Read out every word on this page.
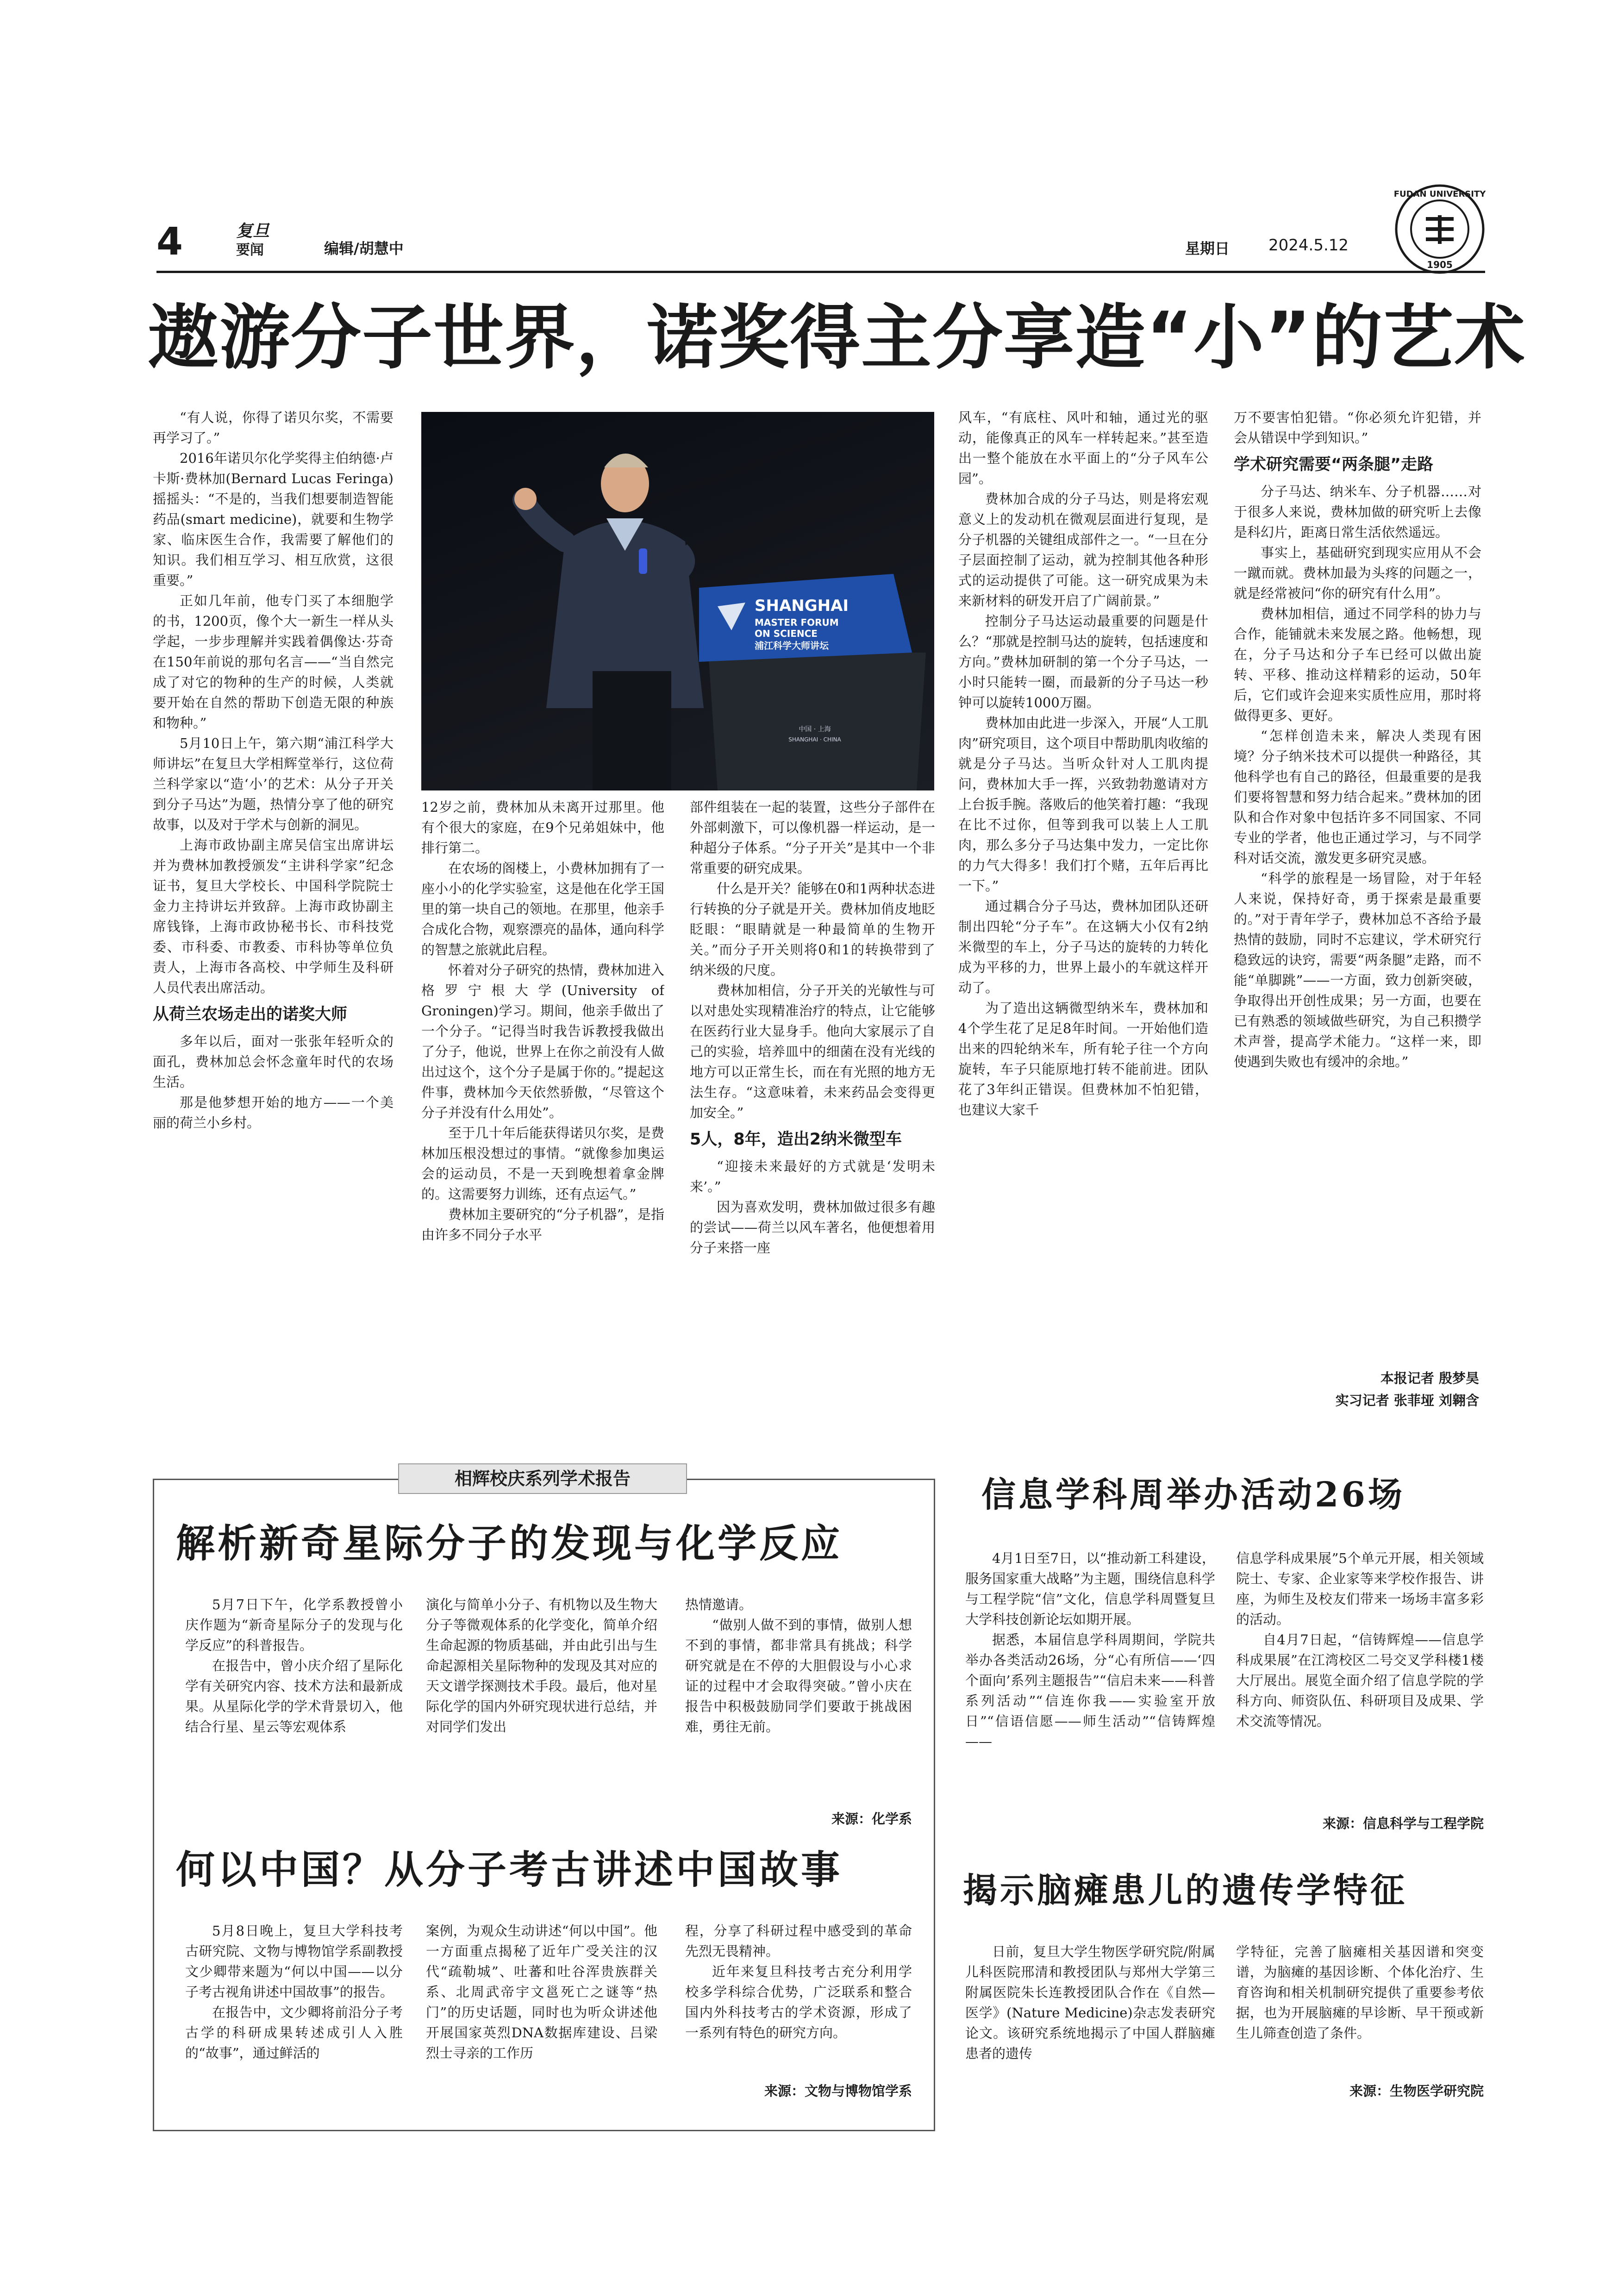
4	复旦
要闻	编辑/胡慧中	星期日 2024.5.12
FUDAN UNIVERSITY
1905
遨游分子世界，诺奖得主分享造“小”的艺术

“有人说，你得了诺贝尔奖，不需要再学习了。”

2016年诺贝尔化学奖得主伯纳德·卢卡斯·费林加(Bernard Lucas Feringa)摇摇头：“不是的，当我们想要制造智能药品(smart medicine)，就要和生物学家、临床医生合作，我需要了解他们的知识。我们相互学习、相互欣赏，这很重要。”

正如几年前，他专门买了本细胞学的书，1200页，像个大一新生一样从头学起，一步步理解并实践着偶像达·芬奇在150年前说的那句名言——“当自然完成了对它的物种的生产的时候，人类就要开始在自然的帮助下创造无限的种族和物种。”

5月10日上午，第六期“浦江科学大师讲坛”在复旦大学相辉堂举行，这位荷兰科学家以“造‘小’的艺术：从分子开关到分子马达”为题，热情分享了他的研究故事，以及对于学术与创新的洞见。

上海市政协副主席吴信宝出席讲坛并为费林加教授颁发“主讲科学家”纪念证书，复旦大学校长、中国科学院院士金力主持讲坛并致辞。上海市政协副主席钱锋，上海市政协秘书长、市科技党委、市科委、市教委、市科协等单位负责人，上海市各高校、中学师生及科研人员代表出席活动。

从荷兰农场走出的诺奖大师

多年以后，面对一张张年轻听众的面孔，费林加总会怀念童年时代的农场生活。

那是他梦想开始的地方——一个美丽的荷兰小乡村。

SHANGHAI
MASTER FORUM
ON SCIENCE
浦江科学大师讲坛
中国 · 上海
SHANGHAI · CHINA

12岁之前，费林加从未离开过那里。他有个很大的家庭，在9个兄弟姐妹中，他排行第二。

在农场的阁楼上，小费林加拥有了一座小小的化学实验室，这是他在化学王国里的第一块自己的领地。在那里，他亲手合成化合物，观察漂亮的晶体，通向科学的智慧之旅就此启程。

怀着对分子研究的热情，费林加进入格罗宁根大学(University of Groningen)学习。期间，他亲手做出了一个分子。“记得当时我告诉教授我做出了分子，他说，世界上在你之前没有人做出过这个，这个分子是属于你的。”提起这件事，费林加今天依然骄傲，“尽管这个分子并没有什么用处”。

至于几十年后能获得诺贝尔奖，是费林加压根没想过的事情。“就像参加奥运会的运动员，不是一天到晚想着拿金牌的。这需要努力训练，还有点运气。”

费林加主要研究的“分子机器”，是指由许多不同分子水平

部件组装在一起的装置，这些分子部件在外部刺激下，可以像机器一样运动，是一种超分子体系。“分子开关”是其中一个非常重要的研究成果。

什么是开关？能够在0和1两种状态进行转换的分子就是开关。费林加俏皮地眨眨眼：“眼睛就是一种最简单的生物开关。”而分子开关则将0和1的转换带到了纳米级的尺度。

费林加相信，分子开关的光敏性与可以对患处实现精准治疗的特点，让它能够在医药行业大显身手。他向大家展示了自己的实验，培养皿中的细菌在没有光线的地方可以正常生长，而在有光照的地方无法生存。“这意味着，未来药品会变得更加安全。”

5人，8年，造出2纳米微型车

“迎接未来最好的方式就是‘发明未来’。”

因为喜欢发明，费林加做过很多有趣的尝试——荷兰以风车著名，他便想着用分子来搭一座

风车，“有底柱、风叶和轴，通过光的驱动，能像真正的风车一样转起来。”甚至造出一整个能放在水平面上的“分子风车公园”。

费林加合成的分子马达，则是将宏观意义上的发动机在微观层面进行复现，是分子机器的关键组成部件之一。“一旦在分子层面控制了运动，就为控制其他各种形式的运动提供了可能。这一研究成果为未来新材料的研发开启了广阔前景。”

控制分子马达运动最重要的问题是什么？“那就是控制马达的旋转，包括速度和方向。”费林加研制的第一个分子马达，一小时只能转一圈，而最新的分子马达一秒钟可以旋转1000万圈。

费林加由此进一步深入，开展“人工肌肉”研究项目，这个项目中帮助肌肉收缩的就是分子马达。当听众针对人工肌肉提问，费林加大手一挥，兴致勃勃邀请对方上台扳手腕。落败后的他笑着打趣：“我现在比不过你，但等到我可以装上人工肌肉，那么多分子马达集中发力，一定比你的力气大得多！我们打个赌，五年后再比一下。”

通过耦合分子马达，费林加团队还研制出四轮“分子车”。在这辆大小仅有2纳米微型的车上，分子马达的旋转的力转化成为平移的力，世界上最小的车就这样开动了。

为了造出这辆微型纳米车，费林加和4个学生花了足足8年时间。一开始他们造出来的四轮纳米车，所有轮子往一个方向旋转，车子只能原地打转不能前进。团队花了3年纠正错误。但费林加不怕犯错，也建议大家千

万不要害怕犯错。“你必须允许犯错，并会从错误中学到知识。”

学术研究需要“两条腿”走路

分子马达、纳米车、分子机器……对于很多人来说，费林加做的研究听上去像是科幻片，距离日常生活依然遥远。

事实上，基础研究到现实应用从不会一蹴而就。费林加最为头疼的问题之一，就是经常被问“你的研究有什么用”。

费林加相信，通过不同学科的协力与合作，能铺就未来发展之路。他畅想，现在，分子马达和分子车已经可以做出旋转、平移、推动这样精彩的运动，50年后，它们或许会迎来实质性应用，那时将做得更多、更好。

“怎样创造未来，解决人类现有困境？分子纳米技术可以提供一种路径，其他科学也有自己的路径，但最重要的是我们要将智慧和努力结合起来。”费林加的团队和合作对象中包括许多不同国家、不同专业的学者，他也正通过学习，与不同学科对话交流，激发更多研究灵感。

“科学的旅程是一场冒险，对于年轻人来说，保持好奇，勇于探索是最重要的。”对于青年学子，费林加总不吝给予最热情的鼓励，同时不忘建议，学术研究行稳致远的诀窍，需要“两条腿”走路，而不能“单脚跳”——一方面，致力创新突破，争取得出开创性成果；另一方面，也要在已有熟悉的领域做些研究，为自己积攒学术声誉，提高学术能力。“这样一来，即使遇到失败也有缓冲的余地。”

本报记者 殷梦昊
实习记者 张菲垭 刘翱含
相辉校庆系列学术报告
解析新奇星际分子的发现与化学反应

5月7日下午，化学系教授曾小庆作题为“新奇星际分子的发现与化学反应”的科普报告。

在报告中，曾小庆介绍了星际化学有关研究内容、技术方法和最新成果。从星际化学的学术背景切入，他结合行星、星云等宏观体系

演化与简单小分子、有机物以及生物大分子等微观体系的化学变化，简单介绍生命起源的物质基础，并由此引出与生命起源相关星际物种的发现及其对应的天文谱学探测技术手段。最后，他对星际化学的国内外研究现状进行总结，并对同学们发出

热情邀请。

“做别人做不到的事情，做别人想不到的事情，都非常具有挑战；科学研究就是在不停的大胆假设与小心求证的过程中才会取得突破。”曾小庆在报告中积极鼓励同学们要敢于挑战困难，勇往无前。

来源：化学系
何以中国？从分子考古讲述中国故事

5月8日晚上，复旦大学科技考古研究院、文物与博物馆学系副教授文少卿带来题为“何以中国——以分子考古视角讲述中国故事”的报告。

在报告中，文少卿将前沿分子考古学的科研成果转述成引人入胜的“故事”，通过鲜活的

案例，为观众生动讲述“何以中国”。他一方面重点揭秘了近年广受关注的汉代“疏勒城”、吐蕃和吐谷浑贵族群关系、北周武帝宇文邕死亡之谜等“热门”的历史话题，同时也为听众讲述他开展国家英烈DNA数据库建设、吕梁烈士寻亲的工作历

程，分享了科研过程中感受到的革命先烈无畏精神。

近年来复旦科技考古充分利用学校多学科综合优势，广泛联系和整合国内外科技考古的学术资源，形成了一系列有特色的研究方向。

来源：文物与博物馆学系
信息学科周举办活动26场

4月1日至7日，以“推动新工科建设，服务国家重大战略”为主题，围绕信息科学与工程学院“信”文化，信息学科周暨复旦大学科技创新论坛如期开展。

据悉，本届信息学科周期间，学院共举办各类活动26场，分“心有所信——‘四个面向’系列主题报告”“信启未来——科普系列活动”“信连你我——实验室开放日”“信语信愿——师生活动”“信铸辉煌——

信息学科成果展”5个单元开展，相关领域院士、专家、企业家等来学校作报告、讲座，为师生及校友们带来一场场丰富多彩的活动。

自4月7日起，“信铸辉煌——信息学科成果展”在江湾校区二号交叉学科楼1楼大厅展出。展览全面介绍了信息学院的学科方向、师资队伍、科研项目及成果、学术交流等情况。

来源：信息科学与工程学院
揭示脑瘫患儿的遗传学特征

日前，复旦大学生物医学研究院/附属儿科医院邢清和教授团队与郑州大学第三附属医院朱长连教授团队合作在《自然—医学》(Nature Medicine)杂志发表研究论文。该研究系统地揭示了中国人群脑瘫患者的遗传

学特征，完善了脑瘫相关基因谱和突变谱，为脑瘫的基因诊断、个体化治疗、生育咨询和相关机制研究提供了重要参考依据，也为开展脑瘫的早诊断、早干预或新生儿筛查创造了条件。

来源：生物医学研究院
